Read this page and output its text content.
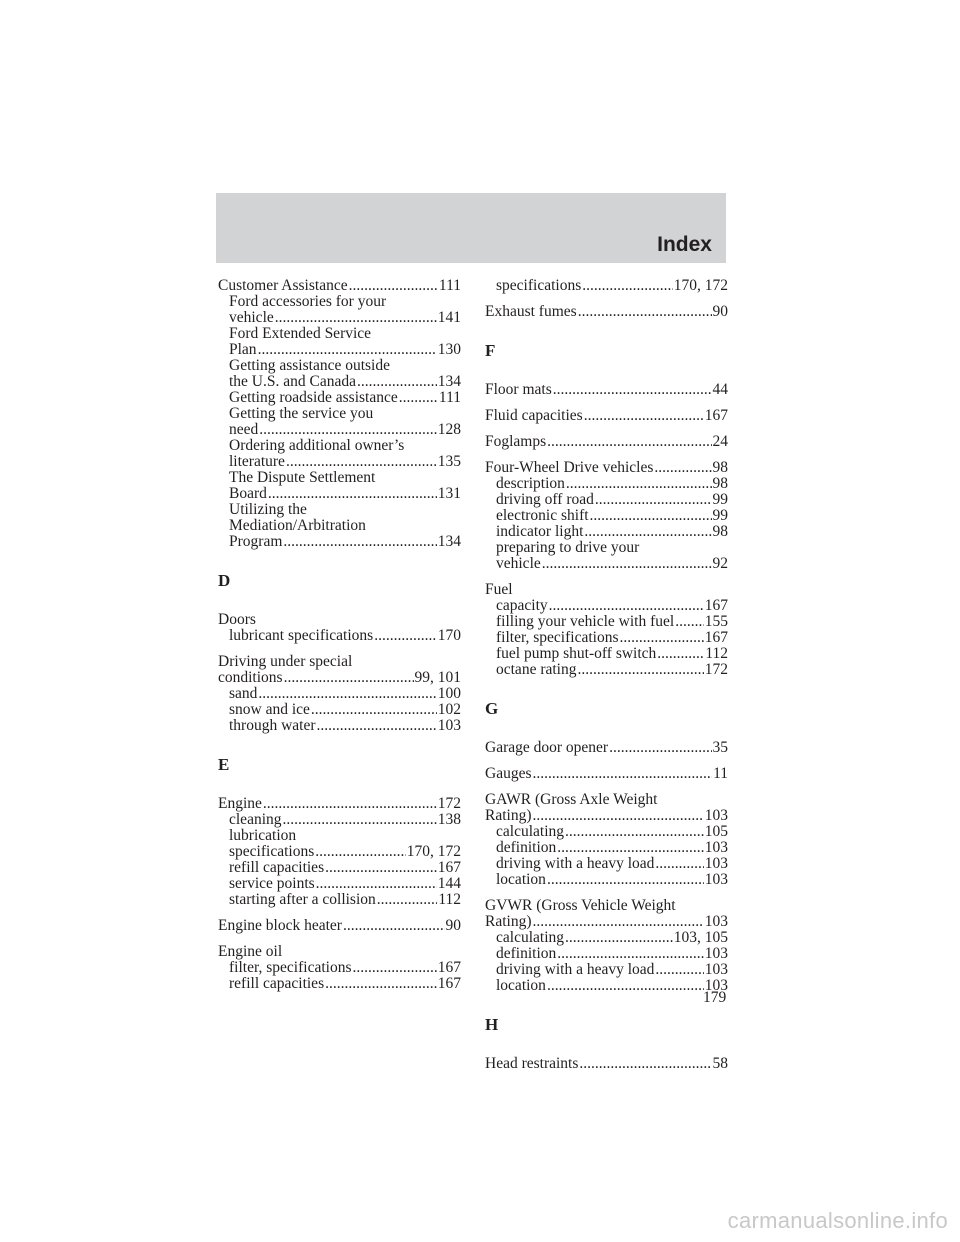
Index
Customer Assistance .....	111
Ford accessories for your
vehicle .....	141
Ford Extended Service
Plan .....	130
Getting assistance outside
the U.S. and Canada .....	134
Getting roadside assistance .....	111
Getting the service you
need .....	128
Ordering additional owner’s
literature .....	135
The Dispute Settlement
Board .....	131
Utilizing the
Mediation/Arbitration
Program .....	134
D
Doors
lubricant specifications .....	170
Driving under special
conditions .....	99, 101
sand .....	100
snow and ice .....	102
through water .....	103
E
Engine .....	172
cleaning .....	138
lubrication
specifications .....	170, 172
refill capacities .....	167
service points .....	144
starting after a collision .....	112
Engine block heater .....	90
Engine oil
filter, specifications .....	167
refill capacities .....	167
specifications .....	170, 172
Exhaust fumes .....	90
F
Floor mats .....	44
Fluid capacities .....	167
Foglamps .....	24
Four-Wheel Drive vehicles .....	98
description .....	98
driving off road .....	99
electronic shift .....	99
indicator light .....	98
preparing to drive your
vehicle .....	92
Fuel
capacity .....	167
filling your vehicle with fuel ..... 155
filter, specifications .....	167
fuel pump shut-off switch .....	112
octane rating .....	172
G
Garage door opener .....	35
Gauges .....	11
GAWR (Gross Axle Weight
Rating) .....	103
calculating .....	105
definition .....	103
driving with a heavy load .....	103
location .....	103
GVWR (Gross Vehicle Weight
Rating) .....	103
calculating .....	103, 105
definition .....	103
driving with a heavy load .....	103
location .....	103
H
Head restraints .....	58
179
carmanualsonline.info
